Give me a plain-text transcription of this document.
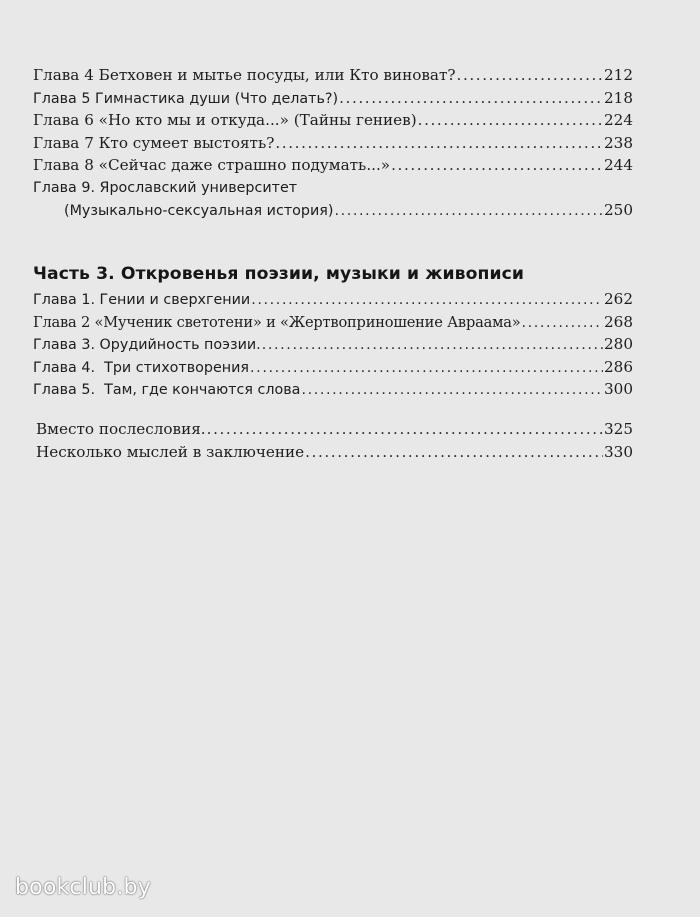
Глава 4 Бетховен и мытье посуды, или Кто виноват? .....	212
Глава 5 Гимнастика души (Что делать?) .....	218
Глава 6 «Но кто мы и откуда...» (Тайны гениев) .....	224
Глава 7 Кто сумеет выстоять? .....	238
Глава 8 «Сейчас даже страшно подумать...» .....	244
Глава 9. Ярославский университет
(Музыкально-сексуальная история) .....	250
Часть 3. Откровенья поэзии, музыки и живописи
Глава 1. Гении и сверхгении .....	262
Глава 2 «Мученик светотени» и «Жертвоприношение Авраама» .....	268
Глава 3. Орудийность поэзии. .....	280
Глава 4.  Три стихотворения .....	286
Глава 5.  Там, где кончаются слова .....	300
Вместо послесловия. .....	325
Несколько мыслей в заключение .....	330
bookclub.by
